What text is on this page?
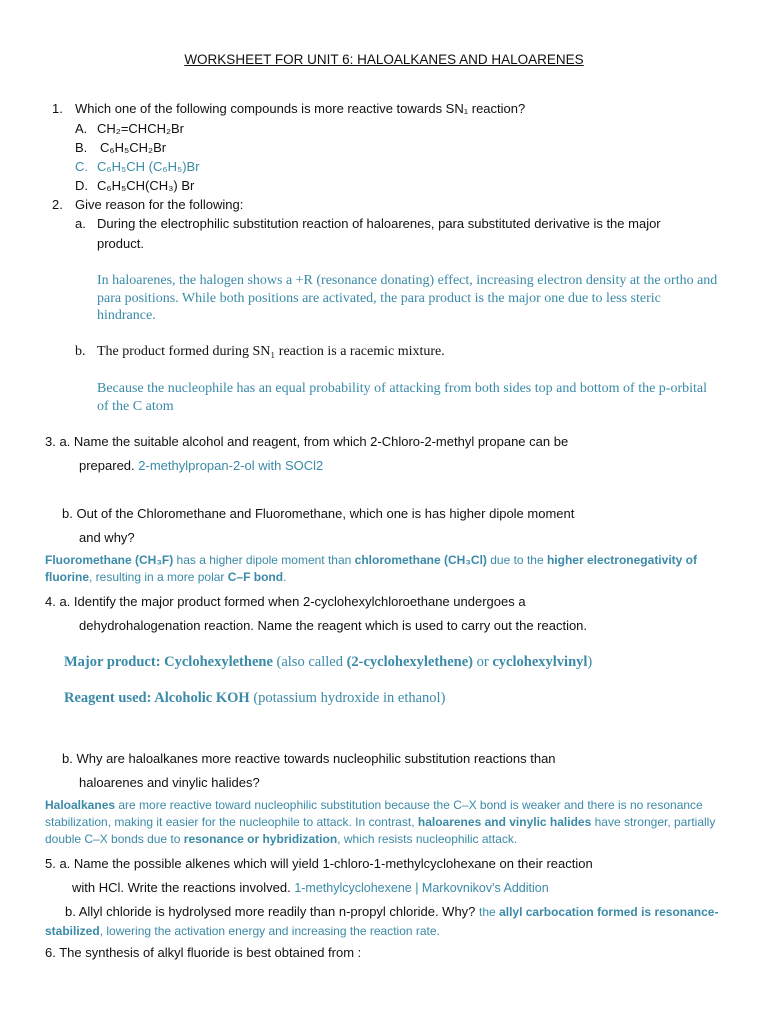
WORKSHEET FOR UNIT 6: HALOALKANES AND HALOARENES
1. Which one of the following compounds is more reactive towards SN₁ reaction?
A. CH₂=CHCH₂Br
B. C₆H₅CH₂Br
C. C₆H₅CH (C₆H₅)Br
D. C₆H₅CH(CH₃) Br
2. Give reason for the following:
a. During the electrophilic substitution reaction of haloarenes, para substituted derivative is the major
product.
In haloarenes, the halogen shows a +R (resonance donating) effect, increasing electron density at the ortho and para positions. While both positions are activated, the para product is the major one due to less steric hindrance.
b. The product formed during SN₁ reaction is a racemic mixture.
Because the nucleophile has an equal probability of attacking from both sides top and bottom of the p-orbital of the C atom
3. a. Name the suitable alcohol and reagent, from which 2-Chloro-2-methyl propane can be
prepared. 2-methylpropan-2-ol with SOCl2
b. Out of the Chloromethane and Fluoromethane, which one is has higher dipole moment
and why?
Fluoromethane (CH₃F) has a higher dipole moment than chloromethane (CH₃Cl) due to the higher electronegativity of fluorine, resulting in a more polar C–F bond.
4. a. Identify the major product formed when 2-cyclohexylchloroethane undergoes a
dehydrohalogenation reaction. Name the reagent which is used to carry out the reaction.
Major product: Cyclohexylethene (also called (2-cyclohexylethene) or cyclohexylvinyl)
Reagent used: Alcoholic KOH (potassium hydroxide in ethanol)
b. Why are haloalkanes more reactive towards nucleophilic substitution reactions than
haloarenes and vinylic halides?
Haloalkanes are more reactive toward nucleophilic substitution because the C–X bond is weaker and there is no resonance stabilization, making it easier for the nucleophile to attack. In contrast, haloarenes and vinylic halides have stronger, partially double C–X bonds due to resonance or hybridization, which resists nucleophilic attack.
5. a. Name the possible alkenes which will yield 1-chloro-1-methylcyclohexane on their reaction
with HCl. Write the reactions involved. 1-methylcyclohexene | Markovnikov's Addition
b. Allyl chloride is hydrolysed more readily than n-propyl chloride. Why? the allyl carbocation formed is resonance-stabilized, lowering the activation energy and increasing the reaction rate.
6. The synthesis of alkyl fluoride is best obtained from :
